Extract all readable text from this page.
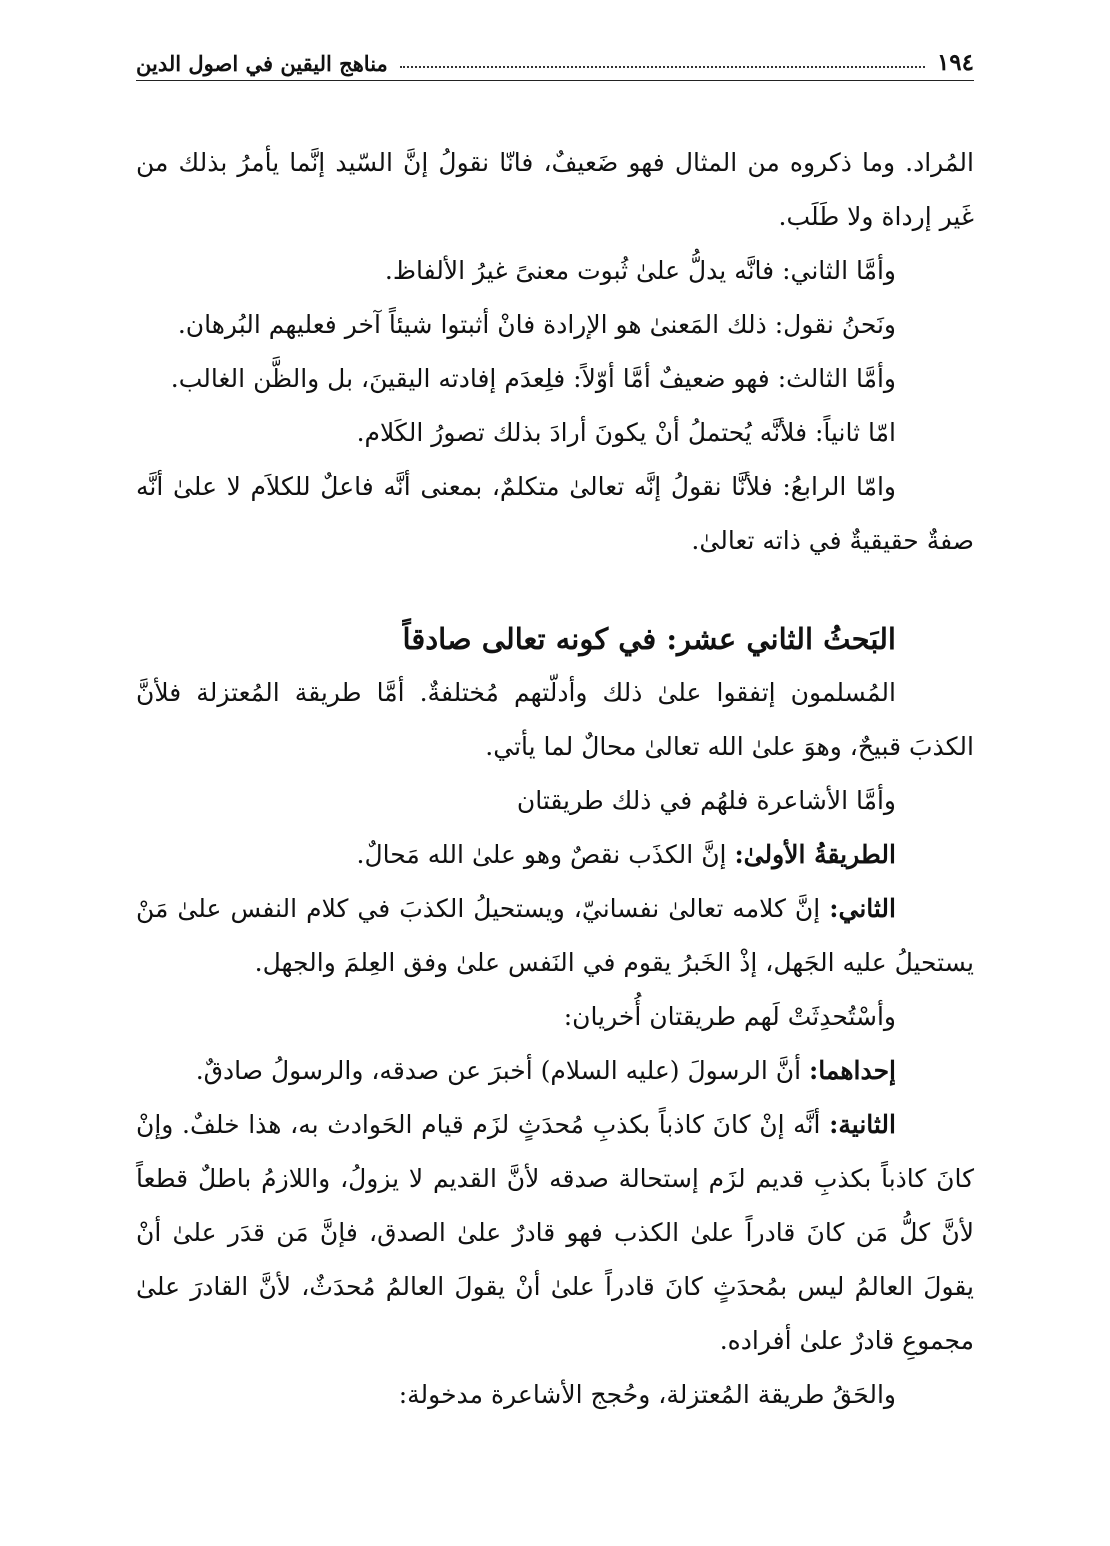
١٩٤
مناهج اليقين في اصول الدين

المُراد. وما ذكروه من المثال فهو ضَعيفٌ، فانّا نقولُ إنَّ السّيد إنَّما يأمرُ بذلك من غَير إرداة ولا طَلَب.

وأمَّا الثاني: فانَّه يدلُّ علىٰ ثُبوت معنىً غيرُ الألفاظ.

ونَحنُ نقول: ذلك المَعنىٰ هو الإرادة فانْ أثبتوا شيئاً آخر فعليهم البُرهان.

وأمَّا الثالث: فهو ضعيفٌ أمَّا أوّلاً: فلِعدَم إفادته اليقينَ، بل والظَّن الغالب.

امّا ثانياً: فلأنَّه يُحتملُ أنْ يكونَ أرادَ بذلك تصورُ الكَلام.

وامّا الرابعُ: فلأنَّا نقولُ إنَّه تعالىٰ متكلمٌ، بمعنى أنَّه فاعلٌ للكلاَم لا علىٰ أنَّه صفةٌ حقيقيةٌ في ذاته تعالىٰ.

البَحثُ الثاني عشر: في كونه تعالى صادقاً

المُسلمون إتفقوا علىٰ ذلك وأدلّتهم مُختلفةٌ. أمَّا طريقة المُعتزلة فلأنَّ الكذبَ قبيحٌ، وهوَ علىٰ الله تعالىٰ محالٌ لما يأتي.

وأمَّا الأشاعرة فلهُم في ذلك طريقتان

الطريقةُ الأولىٰ: إنَّ الكذَب نقصٌ وهو علىٰ الله مَحالٌ.

الثاني: إنَّ كلامه تعالىٰ نفسانيّ، ويستحيلُ الكذبَ في كلام النفس علىٰ مَنْ يستحيلُ عليه الجَهل، إذْ الخَبرُ يقوم في النَفس علىٰ وفق العِلمَ والجهل.

وأسْتُحدِثَتْ لَهم طريقتان أُخريان:

إحداهما: أنَّ الرسولَ (عليه السلام) أخبرَ عن صدقه، والرسولُ صادقٌ.

الثانية: أنَّه إنْ كانَ كاذباً بكذبِ مُحدَثٍ لزَم قيام الحَوادث به، هذا خلفٌ. وإنْ كانَ كاذباً بكذبِ قديم لزَم إستحالة صدقه لأنَّ القديم لا يزولُ، واللازمُ باطلٌ قطعاً لأنَّ كلُّ مَن كانَ قادراً علىٰ الكذب فهو قادرٌ علىٰ الصدق، فإنَّ مَن قدَر علىٰ أنْ يقولَ العالمُ ليس بمُحدَثٍ كانَ قادراً علىٰ أنْ يقولَ العالمُ مُحدَثٌ، لأنَّ القادرَ علىٰ مجموعِ قادرٌ علىٰ أفراده.

والحَقُ طريقة المُعتزلة، وحُجج الأشاعرة مدخولة:
